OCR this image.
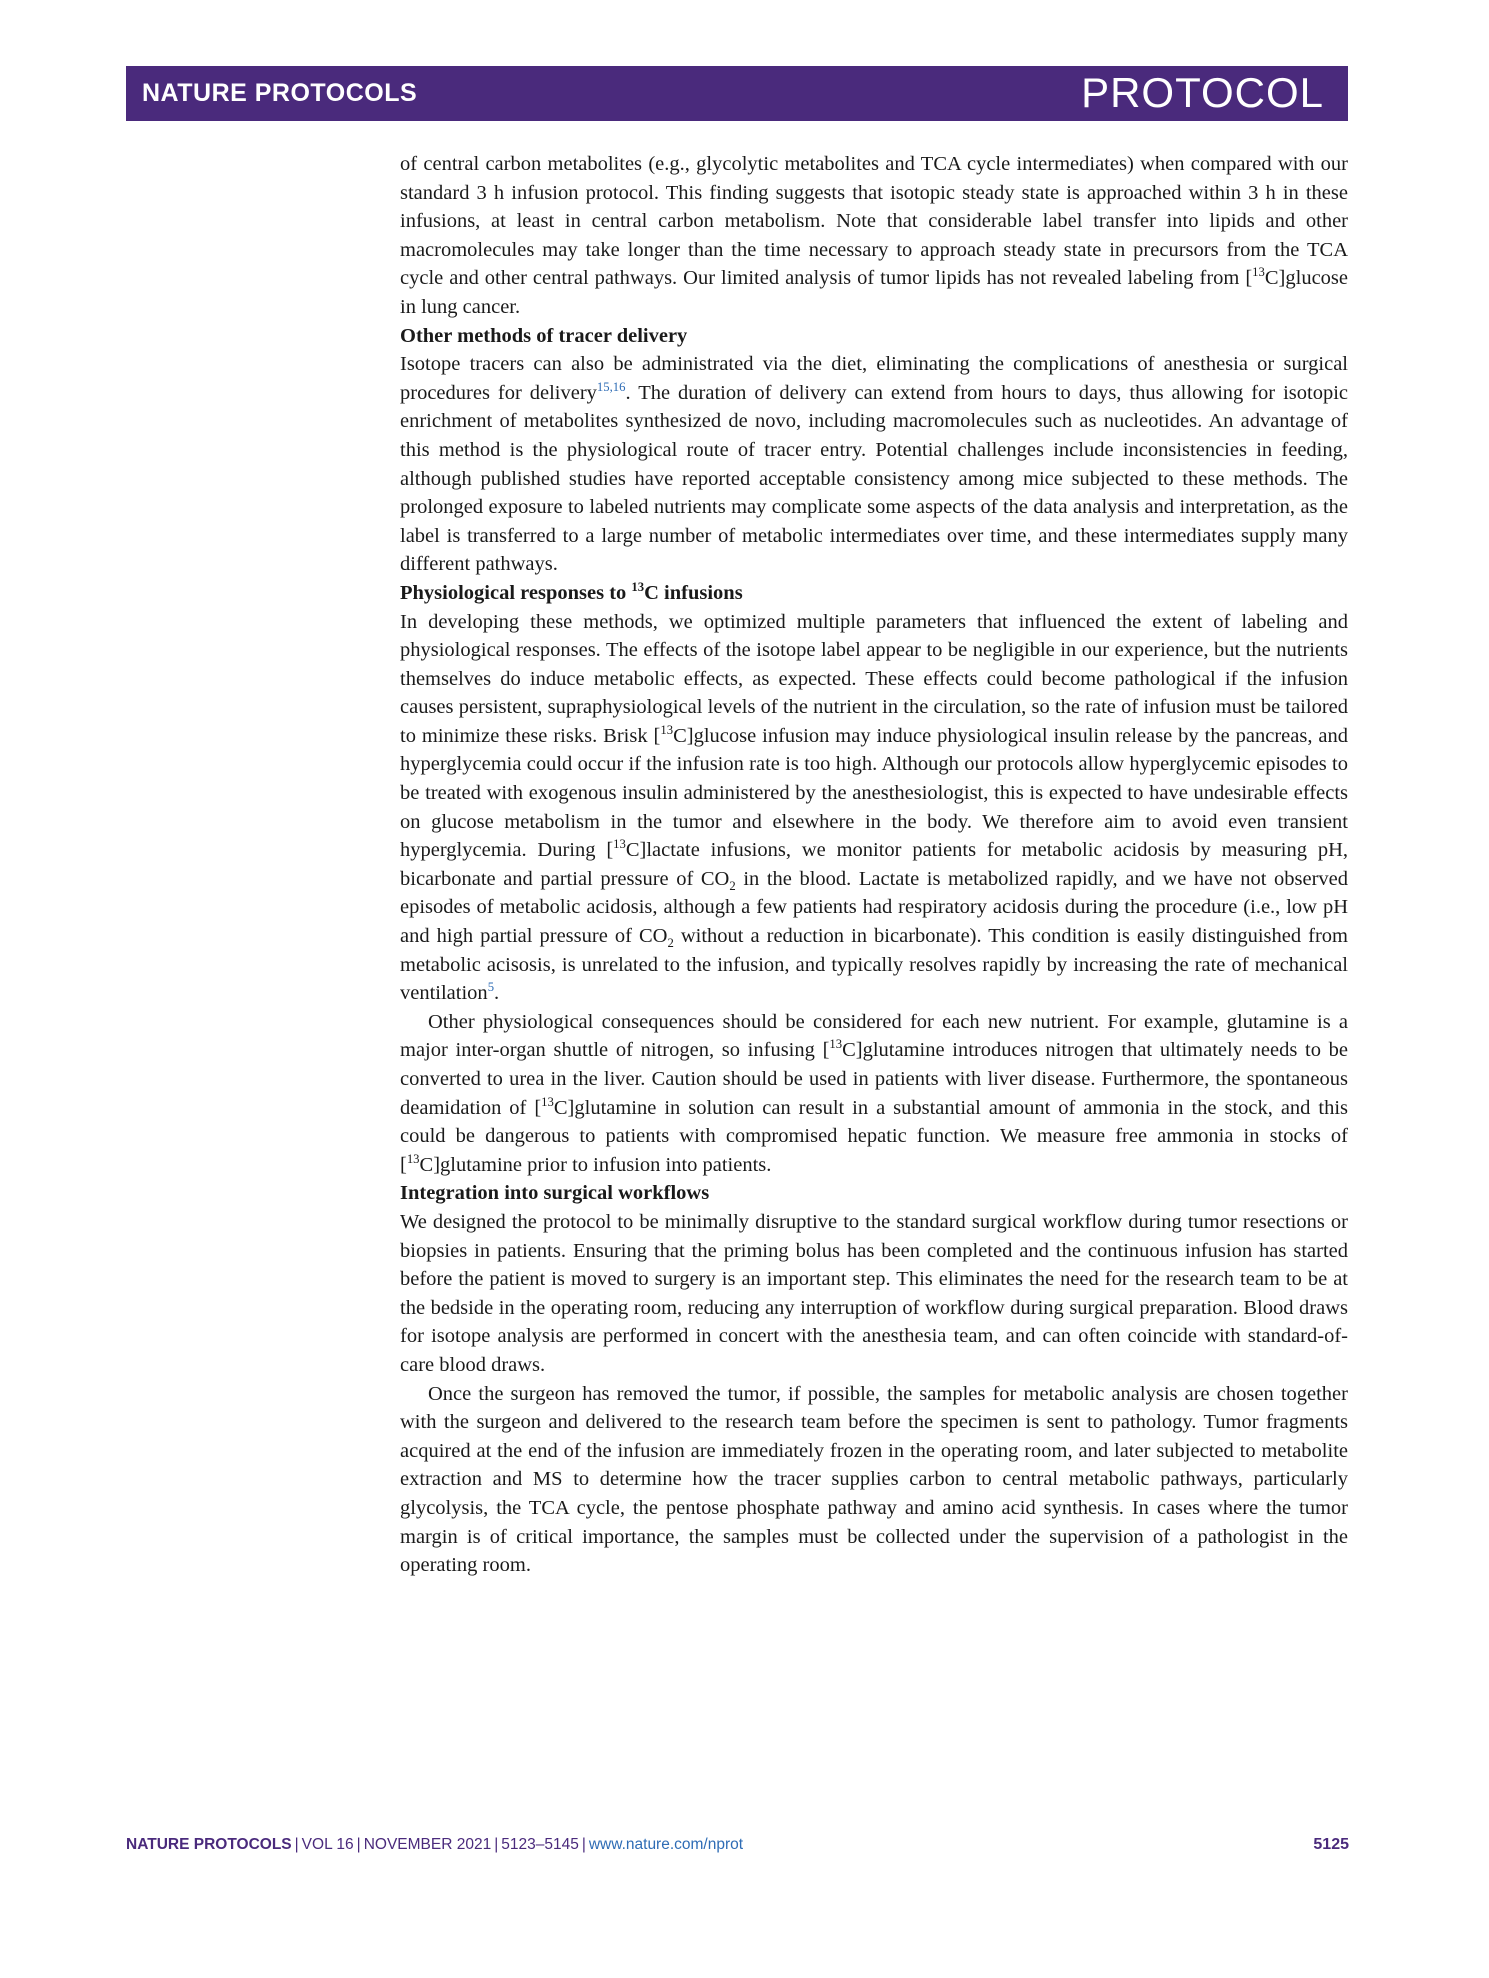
NATURE PROTOCOLS	PROTOCOL

of central carbon metabolites (e.g., glycolytic metabolites and TCA cycle intermediates) when compared with our standard 3 h infusion protocol. This finding suggests that isotopic steady state is approached within 3 h in these infusions, at least in central carbon metabolism. Note that considerable label transfer into lipids and other macromolecules may take longer than the time necessary to approach steady state in precursors from the TCA cycle and other central pathways. Our limited analysis of tumor lipids has not revealed labeling from [$^{13}$C]glucose in lung cancer.

Other methods of tracer delivery

Isotope tracers can also be administrated via the diet, eliminating the complications of anesthesia or surgical procedures for delivery$^{15,16}$. The duration of delivery can extend from hours to days, thus allowing for isotopic enrichment of metabolites synthesized de novo, including macromolecules such as nucleotides. An advantage of this method is the physiological route of tracer entry. Potential challenges include inconsistencies in feeding, although published studies have reported acceptable consistency among mice subjected to these methods. The prolonged exposure to labeled nutrients may complicate some aspects of the data analysis and interpretation, as the label is transferred to a large number of metabolic intermediates over time, and these intermediates supply many different pathways.

Physiological responses to $^{13}$C infusions

In developing these methods, we optimized multiple parameters that influenced the extent of labeling and physiological responses. The effects of the isotope label appear to be negligible in our experience, but the nutrients themselves do induce metabolic effects, as expected. These effects could become pathological if the infusion causes persistent, supraphysiological levels of the nutrient in the circulation, so the rate of infusion must be tailored to minimize these risks. Brisk [$^{13}$C]glucose infusion may induce physiological insulin release by the pancreas, and hyperglycemia could occur if the infusion rate is too high. Although our protocols allow hyperglycemic episodes to be treated with exogenous insulin administered by the anesthesiologist, this is expected to have undesirable effects on glucose metabolism in the tumor and elsewhere in the body. We therefore aim to avoid even transient hyperglycemia. During [$^{13}$C]lactate infusions, we monitor patients for metabolic acidosis by measuring pH, bicarbonate and partial pressure of $CO_2$ in the blood. Lactate is metabolized rapidly, and we have not observed episodes of metabolic acidosis, although a few patients had respiratory acidosis during the procedure (i.e., low pH and high partial pressure of $CO_2$ without a reduction in bicarbonate). This condition is easily distinguished from metabolic acisosis, is unrelated to the infusion, and typically resolves rapidly by increasing the rate of mechanical ventilation$^5$.

Other physiological consequences should be considered for each new nutrient. For example, glutamine is a major inter-organ shuttle of nitrogen, so infusing [$^{13}$C]glutamine introduces nitrogen that ultimately needs to be converted to urea in the liver. Caution should be used in patients with liver disease. Furthermore, the spontaneous deamidation of [$^{13}$C]glutamine in solution can result in a substantial amount of ammonia in the stock, and this could be dangerous to patients with compromised hepatic function. We measure free ammonia in stocks of [$^{13}$C]glutamine prior to infusion into patients.

Integration into surgical workflows

We designed the protocol to be minimally disruptive to the standard surgical workflow during tumor resections or biopsies in patients. Ensuring that the priming bolus has been completed and the continuous infusion has started before the patient is moved to surgery is an important step. This eliminates the need for the research team to be at the bedside in the operating room, reducing any interruption of workflow during surgical preparation. Blood draws for isotope analysis are performed in concert with the anesthesia team, and can often coincide with standard-of-care blood draws.

Once the surgeon has removed the tumor, if possible, the samples for metabolic analysis are chosen together with the surgeon and delivered to the research team before the specimen is sent to pathology. Tumor fragments acquired at the end of the infusion are immediately frozen in the operating room, and later subjected to metabolite extraction and MS to determine how the tracer supplies carbon to central metabolic pathways, particularly glycolysis, the TCA cycle, the pentose phosphate pathway and amino acid synthesis. In cases where the tumor margin is of critical importance, the samples must be collected under the supervision of a pathologist in the operating room.

NATURE PROTOCOLS | VOL 16 | NOVEMBER 2021 | 5123–5145 | www.nature.com/nprot	5125
